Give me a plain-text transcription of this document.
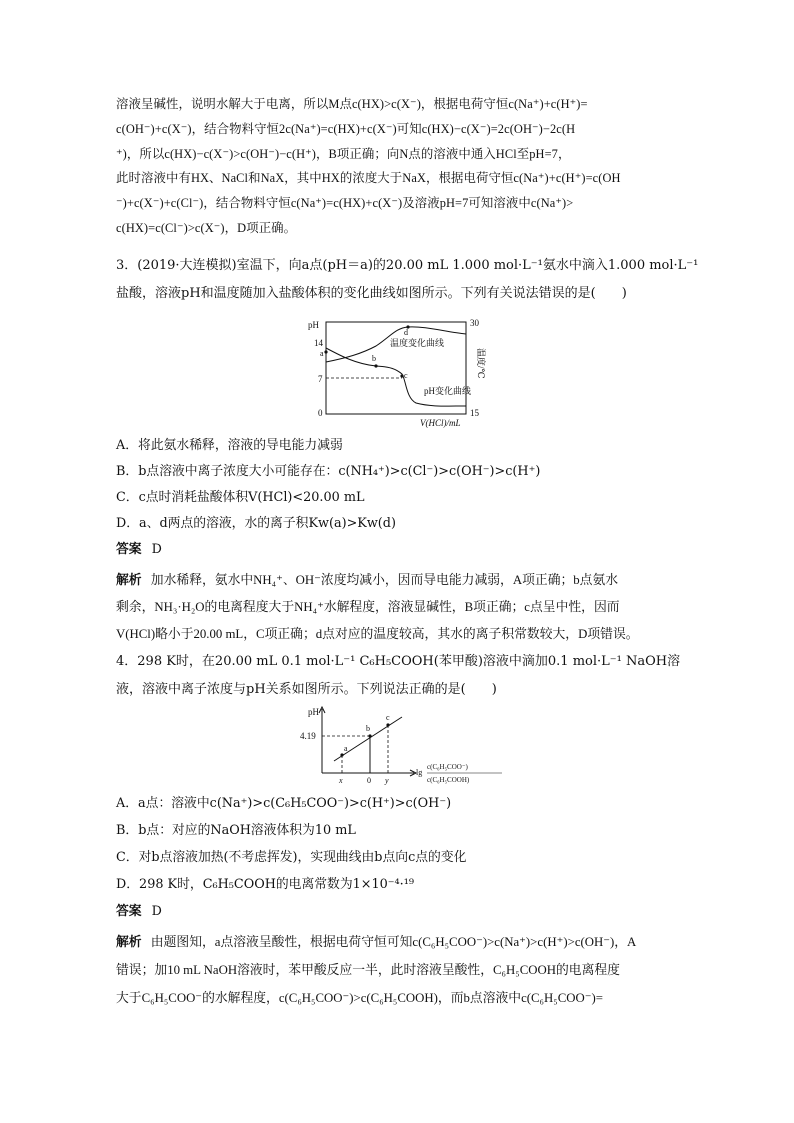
溶液呈碱性，说明水解大于电离，所以M点c(HX)>c(X⁻)，根据电荷守恒c(Na⁺)+c(H⁺)=
c(OH⁻)+c(X⁻)，结合物料守恒2c(Na⁺)=c(HX)+c(X⁻)可知c(HX)−c(X⁻)=2c(OH⁻)−2c(H
⁺)，所以c(HX)−c(X⁻)>c(OH⁻)−c(H⁺)，B项正确；向N点的溶液中通入HCl至pH=7，
此时溶液中有HX、NaCl和NaX，其中HX的浓度大于NaX，根据电荷守恒c(Na⁺)+c(H⁺)=c(OH
⁻)+c(X⁻)+c(Cl⁻)，结合物料守恒c(Na⁺)=c(HX)+c(X⁻)及溶液pH=7可知溶液中c(Na⁺)>
c(HX)=c(Cl⁻)>c(X⁻)，D项正确。
3．(2019·大连模拟)室温下，向a点(pH＝a)的20.00 mL 1.000 mol·L⁻¹氨水中滴入1.000 mol·L⁻¹
盐酸，溶液pH和温度随加入盐酸体积的变化曲线如图所示。下列有关说法错误的是(　　)
pH
14
7
0
30
15
温度/℃
V(HCl)/mL
a
b
c
d
温度变化曲线
pH变化曲线
A．将此氨水稀释，溶液的导电能力减弱
B．b点溶液中离子浓度大小可能存在：c(NH₄⁺)>c(Cl⁻)>c(OH⁻)>c(H⁺)
C．c点时消耗盐酸体积V(HCl)<20.00 mL
D．a、d两点的溶液，水的离子积Kw(a)>Kw(d)
答案 D
解析 加水稀释，氨水中NH₄⁺、OH⁻浓度均减小，因而导电能力减弱，A项正确；b点氨水
剩余，NH₃·H₂O的电离程度大于NH₄⁺水解程度，溶液显碱性，B项正确；c点呈中性，因而
V(HCl)略小于20.00 mL，C项正确；d点对应的温度较高，其水的离子积常数较大，D项错误。
4．298 K时，在20.00 mL 0.1 mol·L⁻¹ C₆H₅COOH(苯甲酸)溶液中滴加0.1 mol·L⁻¹ NaOH溶
液，溶液中离子浓度与pH关系如图所示。下列说法正确的是(　　)
pH
4.19
a
b
c
x	0 y
lg
c(C₆H₅COO⁻)
c(C₆H₅COOH)
A．a点：溶液中c(Na⁺)>c(C₆H₅COO⁻)>c(H⁺)>c(OH⁻)
B．b点：对应的NaOH溶液体积为10 mL
C．对b点溶液加热(不考虑挥发)，实现曲线由b点向c点的变化
D．298 K时，C₆H₅COOH的电离常数为1×10⁻⁴·¹⁹
答案 D
解析 由题图知，a点溶液呈酸性，根据电荷守恒可知c(C₆H₅COO⁻)>c(Na⁺)>c(H⁺)>c(OH⁻)，A
错误；加10 mL NaOH溶液时，苯甲酸反应一半，此时溶液呈酸性，C₆H₅COOH的电离程度
大于C₆H₅COO⁻的水解程度，c(C₆H₅COO⁻)>c(C₆H₅COOH)，而b点溶液中c(C₆H₅COO⁻)=
